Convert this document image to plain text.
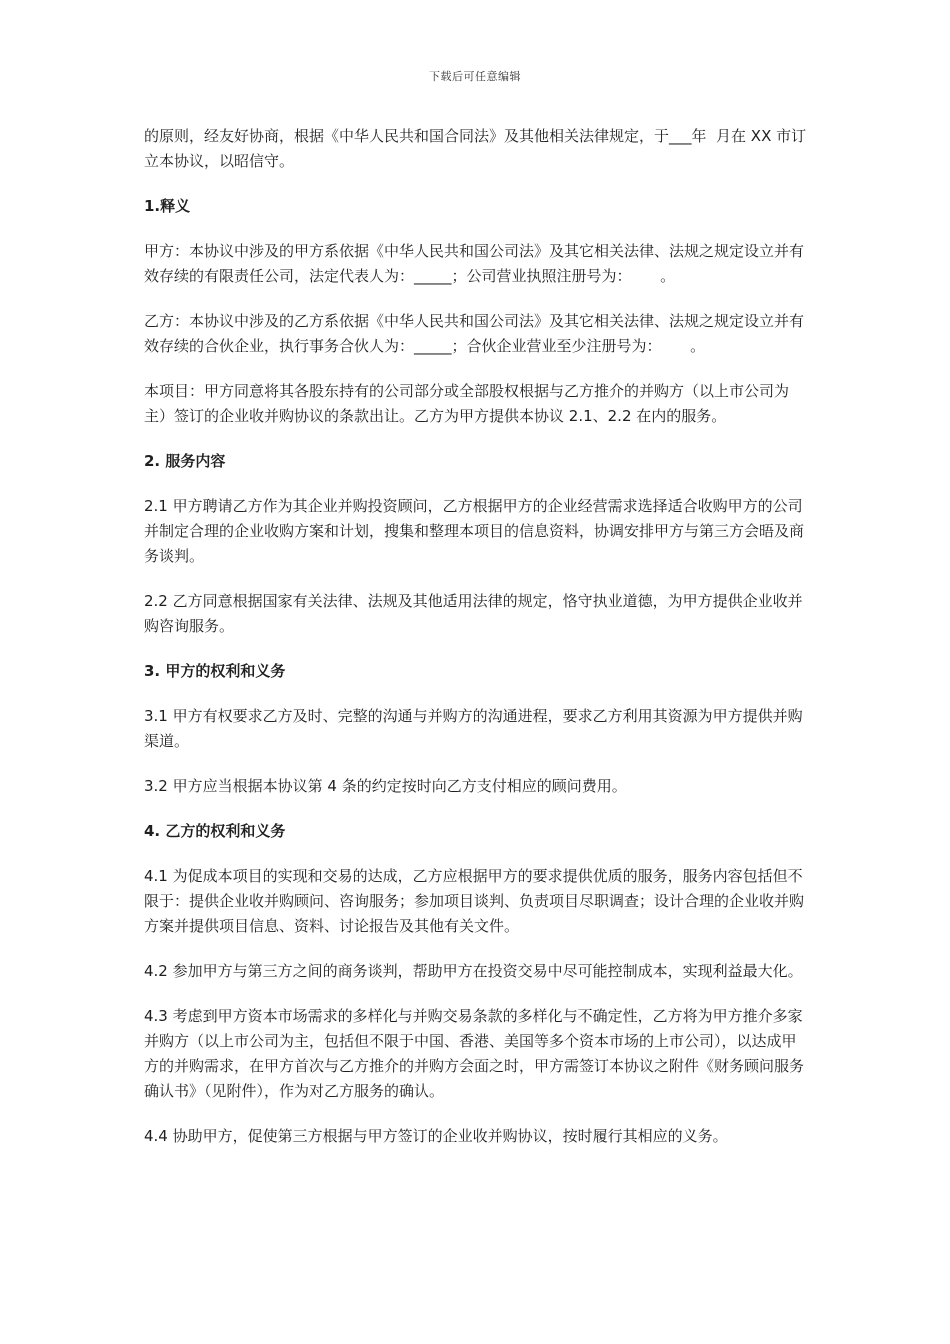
下载后可任意编辑

的原则，经友好协商，根据《中华人民共和国合同法》及其他相关法律规定，于___年  月在 XX 市订立本协议，以昭信守。

1.释义

甲方：本协议中涉及的甲方系依据《中华人民共和国公司法》及其它相关法律、法规之规定设立并有效存续的有限责任公司，法定代表人为：_____；公司营业执照注册号为：      。

乙方：本协议中涉及的乙方系依据《中华人民共和国公司法》及其它相关法律、法规之规定设立并有效存续的合伙企业，执行事务合伙人为：_____；合伙企业营业至少注册号为：      。

本项目：甲方同意将其各股东持有的公司部分或全部股权根据与乙方推介的并购方（以上市公司为主）签订的企业收并购协议的条款出让。乙方为甲方提供本协议 2.1、2.2 在内的服务。

2. 服务内容

2.1 甲方聘请乙方作为其企业并购投资顾问，乙方根据甲方的企业经营需求选择适合收购甲方的公司并制定合理的企业收购方案和计划，搜集和整理本项目的信息资料，协调安排甲方与第三方会晤及商务谈判。

2.2 乙方同意根据国家有关法律、法规及其他适用法律的规定，恪守执业道德，为甲方提供企业收并购咨询服务。

3. 甲方的权利和义务

3.1 甲方有权要求乙方及时、完整的沟通与并购方的沟通进程，要求乙方利用其资源为甲方提供并购渠道。

3.2 甲方应当根据本协议第 4 条的约定按时向乙方支付相应的顾问费用。

4. 乙方的权利和义务

4.1 为促成本项目的实现和交易的达成，乙方应根据甲方的要求提供优质的服务，服务内容包括但不限于：提供企业收并购顾问、咨询服务；参加项目谈判、负责项目尽职调查；设计合理的企业收并购方案并提供项目信息、资料、讨论报告及其他有关文件。

4.2 参加甲方与第三方之间的商务谈判，帮助甲方在投资交易中尽可能控制成本，实现利益最大化。

4.3 考虑到甲方资本市场需求的多样化与并购交易条款的多样化与不确定性，乙方将为甲方推介多家并购方（以上市公司为主，包括但不限于中国、香港、美国等多个资本市场的上市公司），以达成甲方的并购需求，在甲方首次与乙方推介的并购方会面之时，甲方需签订本协议之附件《财务顾问服务确认书》（见附件），作为对乙方服务的确认。

4.4 协助甲方，促使第三方根据与甲方签订的企业收并购协议，按时履行其相应的义务。
